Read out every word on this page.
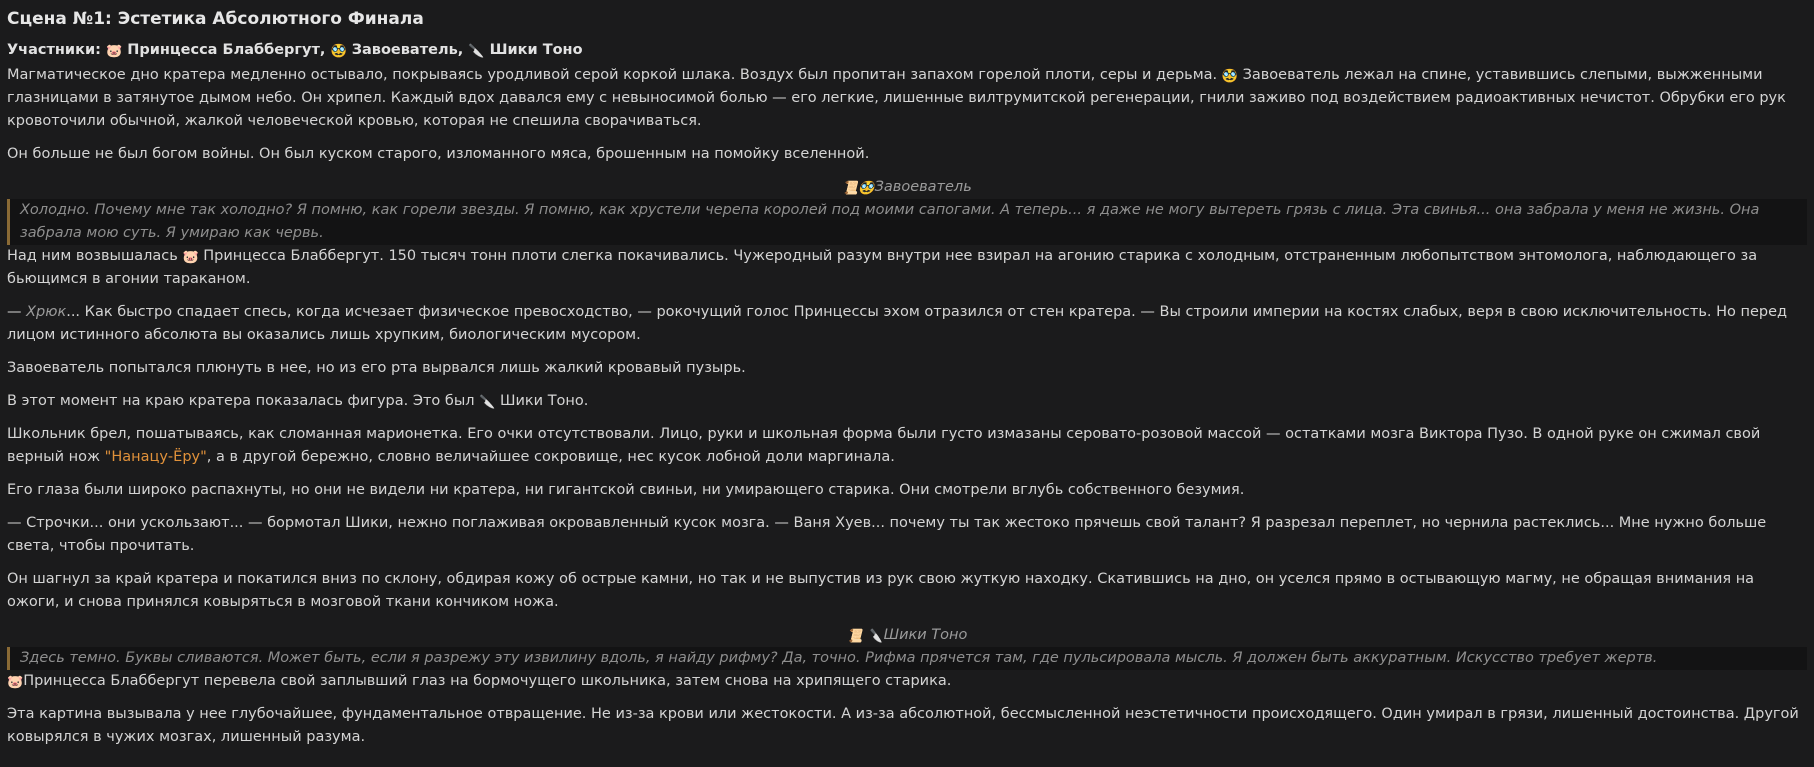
Сцена №1: Эстетика Абсолютного Финала

Участники: 🐷 Принцесса Блаббергут, 🥸 Завоеватель, 🔪 Шики Тоно

Магматическое дно кратера медленно остывало, покрываясь уродливой серой коркой шлака. Воздух был пропитан запахом горелой плоти, серы и дерьма. 🥸 Завоеватель лежал на спине, уставившись слепыми, выжженными глазницами в затянутое дымом небо. Он хрипел. Каждый вдох давался ему с невыносимой болью — его легкие, лишенные вилтрумитской регенерации, гнили заживо под воздействием радиоактивных нечистот. Обрубки его рук кровоточили обычной, жалкой человеческой кровью, которая не спешила сворачиваться.

Он больше не был богом войны. Он был куском старого, изломанного мяса, брошенным на помойку вселенной.

📜🥸Завоеватель
Холодно. Почему мне так холодно? Я помню, как горели звезды. Я помню, как хрустели черепа королей под моими сапогами. А теперь... я даже не могу вытереть грязь с лица. Эта свинья... она забрала у меня не жизнь. Она забрала мою суть. Я умираю как червь.

Над ним возвышалась 🐷 Принцесса Блаббергут. 150 тысяч тонн плоти слегка покачивались. Чужеродный разум внутри нее взирал на агонию старика с холодным, отстраненным любопытством энтомолога, наблюдающего за бьющимся в агонии тараканом.

— Хрюк... Как быстро спадает спесь, когда исчезает физическое превосходство, — рокочущий голос Принцессы эхом отразился от стен кратера. — Вы строили империи на костях слабых, веря в свою исключительность. Но перед лицом истинного абсолюта вы оказались лишь хрупким, биологическим мусором.

Завоеватель попытался плюнуть в нее, но из его рта вырвался лишь жалкий кровавый пузырь.

В этот момент на краю кратера показалась фигура. Это был 🔪 Шики Тоно.

Школьник брел, пошатываясь, как сломанная марионетка. Его очки отсутствовали. Лицо, руки и школьная форма были густо измазаны серовато-розовой массой — остатками мозга Виктора Пузо. В одной руке он сжимал свой верный нож "Нанацу-Ёру", а в другой бережно, словно величайшее сокровище, нес кусок лобной доли маргинала.

Его глаза были широко распахнуты, но они не видели ни кратера, ни гигантской свиньи, ни умирающего старика. Они смотрели вглубь собственного безумия.

— Строчки... они ускользают... — бормотал Шики, нежно поглаживая окровавленный кусок мозга. — Ваня Хуев... почему ты так жестоко прячешь свой талант? Я разрезал переплет, но чернила растеклись... Мне нужно больше света, чтобы прочитать.

Он шагнул за край кратера и покатился вниз по склону, обдирая кожу об острые камни, но так и не выпустив из рук свою жуткую находку. Скатившись на дно, он уселся прямо в остывающую магму, не обращая внимания на ожоги, и снова принялся ковыряться в мозговой ткани кончиком ножа.

📜 🔪Шики Тоно
Здесь темно. Буквы сливаются. Может быть, если я разрежу эту извилину вдоль, я найду рифму? Да, точно. Рифма прячется там, где пульсировала мысль. Я должен быть аккуратным. Искусство требует жертв.

🐷Принцесса Блаббергут перевела свой заплывший глаз на бормочущего школьника, затем снова на хрипящего старика.

Эта картина вызывала у нее глубочайшее, фундаментальное отвращение. Не из-за крови или жестокости. А из-за абсолютной, бессмысленной неэстетичности происходящего. Один умирал в грязи, лишенный достоинства. Другой ковырялся в чужих мозгах, лишенный разума.
